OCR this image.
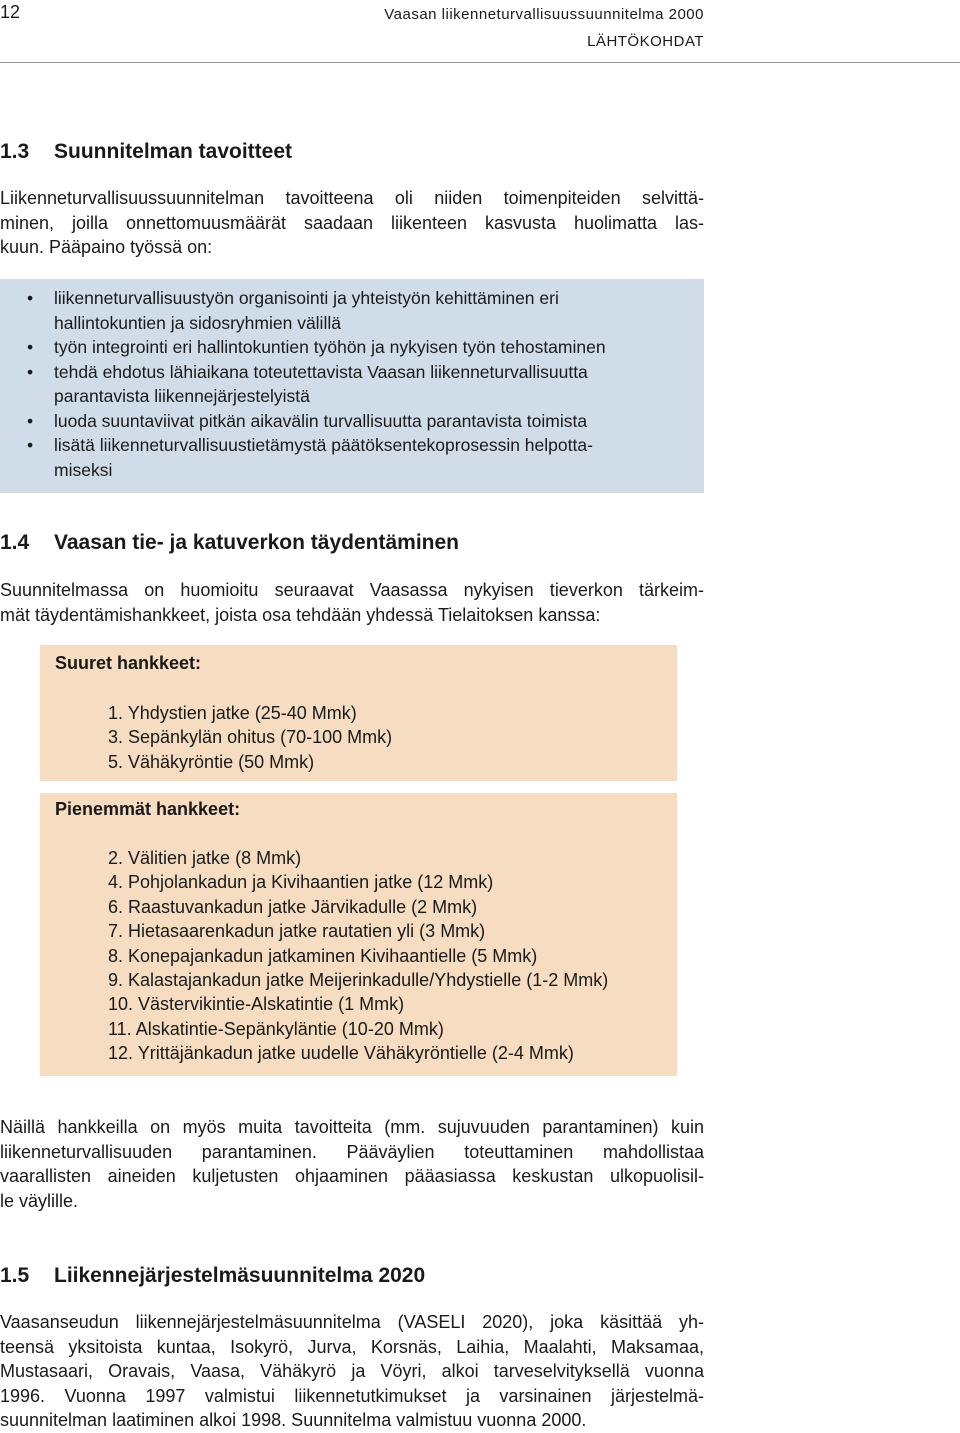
12	Vaasan liikenneturvallisuussuunnitelma 2000
LÄHTÖKOHDAT
1.3 Suunnitelman tavoitteet

Liikenneturvallisuussuunnitelman tavoitteena oli niiden toimenpiteiden selvittä-

minen, joilla onnettomuusmäärät saadaan liikenteen kasvusta huolimatta las-

kuun. Pääpaino työssä on:

• liikenneturvallisuustyön organisointi ja yhteistyön kehittäminen eri
hallintokuntien ja sidosryhmien välillä
• työn integrointi eri hallintokuntien työhön ja nykyisen työn tehostaminen
• tehdä ehdotus lähiaikana toteutettavista Vaasan liikenneturvallisuutta
parantavista liikennejärjestelyistä
• luoda suuntaviivat pitkän aikavälin turvallisuutta parantavista toimista
• lisätä liikenneturvallisuustietämystä päätöksentekoprosessin helpotta-
miseksi
1.4 Vaasan tie- ja katuverkon täydentäminen

Suunnitelmassa on huomioitu seuraavat Vaasassa nykyisen tieverkon tärkeim-

mät täydentämishankkeet, joista osa tehdään yhdessä Tielaitoksen kanssa:

Suuret hankkeet:
1. Yhdystien jatke (25-40 Mmk)
3. Sepänkylän ohitus (70-100 Mmk)
5. Vähäkyröntie (50 Mmk)
Pienemmät hankkeet:
2. Välitien jatke (8 Mmk)
4. Pohjolankadun ja Kivihaantien jatke (12 Mmk)
6. Raastuvankadun jatke Järvikadulle (2 Mmk)
7. Hietasaarenkadun jatke rautatien yli (3 Mmk)
8. Konepajankadun jatkaminen Kivihaantielle (5 Mmk)
9. Kalastajankadun jatke Meijerinkadulle/Yhdystielle (1-2 Mmk)
10. Västervikintie-Alskatintie (1 Mmk)
11. Alskatintie-Sepänkyläntie (10-20 Mmk)
12. Yrittäjänkadun jatke uudelle Vähäkyröntielle (2-4 Mmk)

Näillä hankkeilla on myös muita tavoitteita (mm. sujuvuuden parantaminen) kuin

liikenneturvallisuuden parantaminen. Pääväylien toteuttaminen mahdollistaa

vaarallisten aineiden kuljetusten ohjaaminen pääasiassa keskustan ulkopuolisil-

le väylille.

1.5 Liikennejärjestelmäsuunnitelma 2020

Vaasanseudun liikennejärjestelmäsuunnitelma (VASELI 2020), joka käsittää yh-

teensä yksitoista kuntaa, Isokyrö, Jurva, Korsnäs, Laihia, Maalahti, Maksamaa,

Mustasaari, Oravais, Vaasa, Vähäkyrö ja Vöyri, alkoi tarveselvityksellä vuonna

1996. Vuonna 1997 valmistui liikennetutkimukset ja varsinainen järjestelmä-

suunnitelman laatiminen alkoi 1998. Suunnitelma valmistuu vuonna 2000.
